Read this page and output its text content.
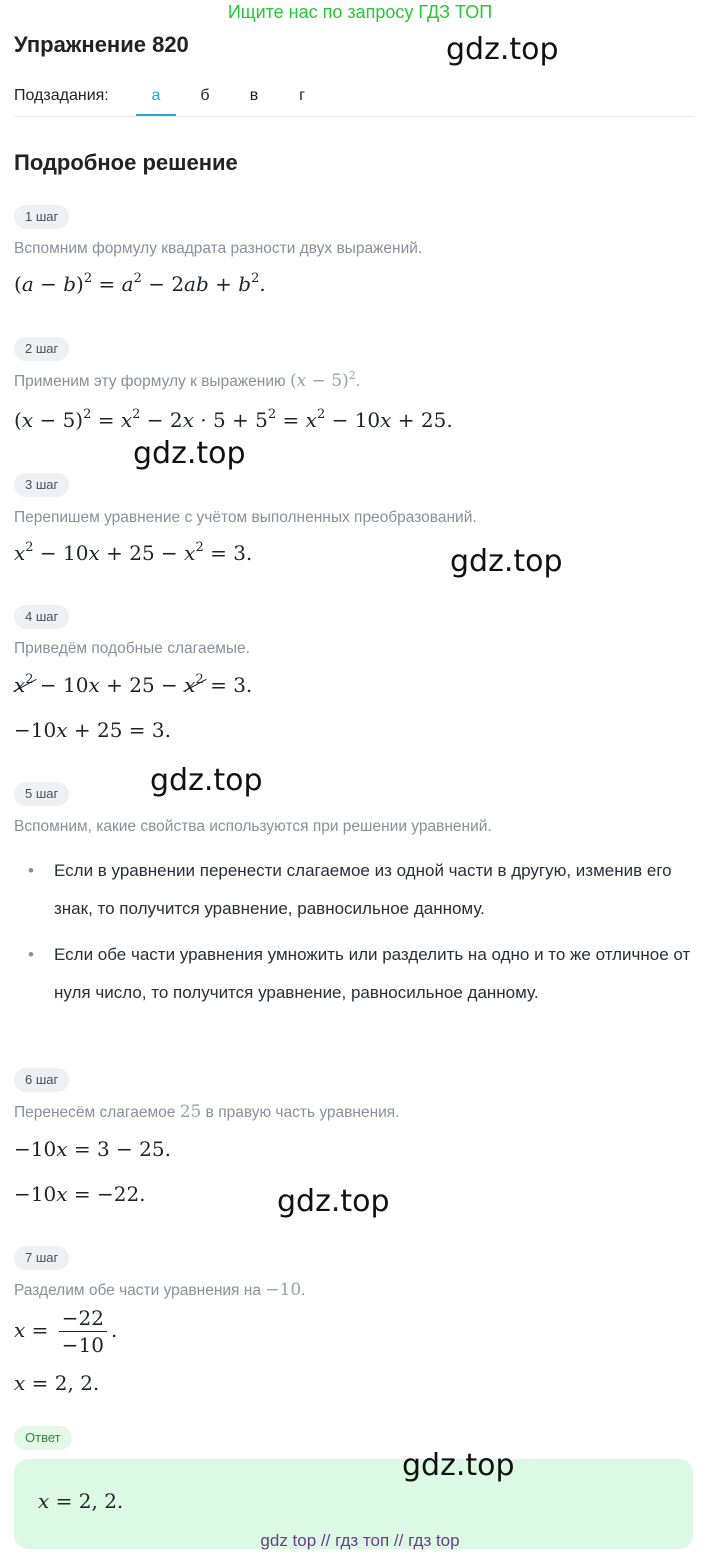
Ищите нас по запросу ГДЗ ТОП
Упражнение 820	gdz.top
Подзадания:	а	б	в	г
Подробное решение
1 шаг
Вспомним формулу квадрата разности двух выражений.
$(a - b)^2 = a^2 - 2ab + b^2$.
2 шаг
Применим эту формулу к выражению $(x - 5)^2$.
$(x - 5)^2 = x^2 - 2x \cdot 5 + 5^2 = x^2 - 10x + 25$.
gdz.top
3 шаг
Перепишем уравнение с учётом выполненных преобразований.
$x^2 - 10x + 25 - x^2 = 3$.	gdz.top
4 шаг
Приведём подобные слагаемые.
$x^2 - 10x + 25 - x^2 = 3$.
−10x + 25 = 3.
gdz.top
5 шаг
Вспомним, какие свойства используются при решении уравнений.
• Если в уравнении перенести слагаемое из одной части в другую, изменив его знак, то получится уравнение, равносильное данному.
• Если обе части уравнения умножить или разделить на одно и то же отличное от нуля число, то получится уравнение, равносильное данному.
6 шаг
Перенесём слагаемое 25 в правую часть уравнения.
−10x = 3 − 25.
−10x = −22.	gdz.top
7 шаг
Разделим обе части уравнения на −10.
$x = \frac{-22}{-10}$ .
x = 2, 2.
Ответ
x = 2, 2.
gdz.top
gdz top // гдз топ // гдз top
